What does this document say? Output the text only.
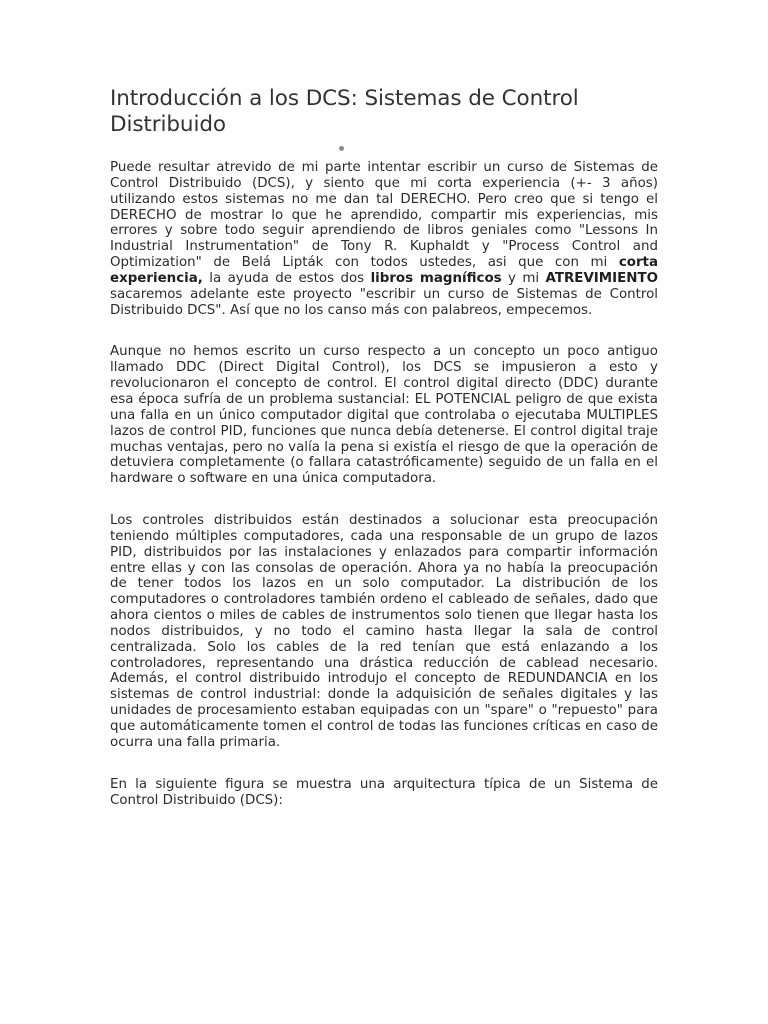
Introducción a los DCS: Sistemas de Control Distribuido

Puede resultar atrevido de mi parte intentar escribir un curso de Sistemas de Control Distribuido (DCS), y siento que mi corta experiencia (+- 3 años) utilizando estos sistemas no me dan tal DERECHO. Pero creo que si tengo el DERECHO de mostrar lo que he aprendido, compartir mis experiencias, mis errores y sobre todo seguir aprendiendo de libros geniales como "Lessons In Industrial Instrumentation" de Tony R. Kuphaldt y "Process Control and Optimization" de Belá Lipták con todos ustedes, asi que con mi corta experiencia, la ayuda de estos dos libros magníficos y mi ATREVIMIENTO sacaremos adelante este proyecto "escribir un curso de Sistemas de Control Distribuido DCS". Así que no los canso más con palabreos, empecemos.

Aunque no hemos escrito un curso respecto a un concepto un poco antiguo llamado DDC (Direct Digital Control), los DCS se impusieron a esto y revolucionaron el concepto de control. El control digital directo (DDC) durante esa época sufría de un problema sustancial: EL POTENCIAL peligro de que exista una falla en un único computador digital que controlaba o ejecutaba MULTIPLES lazos de control PID, funciones que nunca debía detenerse. El control digital traje muchas ventajas, pero no valía la pena si existía el riesgo de que la operación de detuviera completamente (o fallara catastróficamente) seguido de un falla en el hardware o software en una única computadora.

Los controles distribuidos están destinados a solucionar esta preocupación teniendo múltiples computadores, cada una responsable de un grupo de lazos PID, distribuidos por las instalaciones y enlazados para compartir información entre ellas y con las consolas de operación. Ahora ya no había la preocupación de tener todos los lazos en un solo computador. La distribución de los computadores o controladores también ordeno el cableado de señales, dado que ahora cientos o miles de cables de instrumentos solo tienen que llegar hasta los nodos distribuidos, y no todo el camino hasta llegar la sala de control centralizada. Solo los cables de la red tenían que está enlazando a los controladores, representando una drástica reducción de cablead necesario. Además, el control distribuido introdujo el concepto de REDUNDANCIA en los sistemas de control industrial: donde la adquisición de señales digitales y las unidades de procesamiento estaban equipadas con un "spare" o "repuesto" para que automáticamente tomen el control de todas las funciones críticas en caso de ocurra una falla primaria.

En la siguiente figura se muestra una arquitectura típica de un Sistema de Control Distribuido (DCS):
